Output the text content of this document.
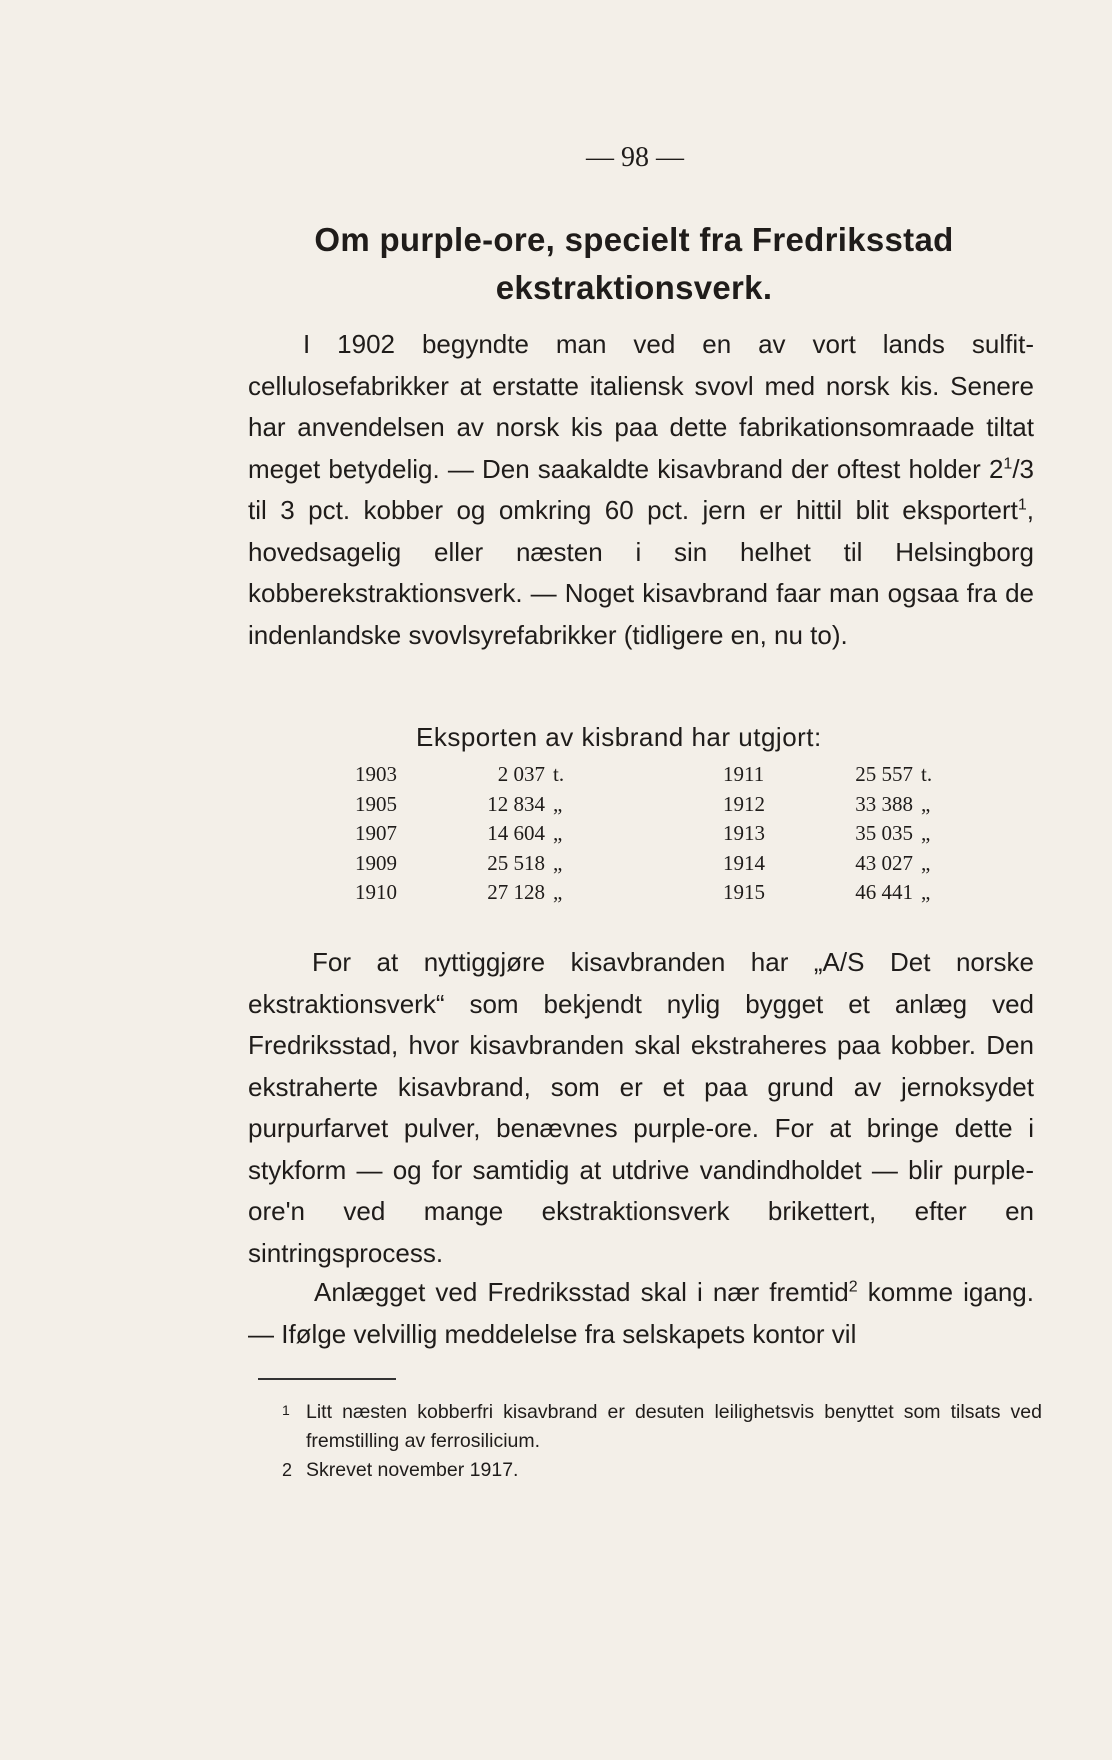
— 98 —
Om purple-ore, specielt fra Fredriksstad ekstraktionsverk.
I 1902 begyndte man ved en av vort lands sulfit-cellulosefabrikker at erstatte italiensk svovl med norsk kis. Senere har anvendelsen av norsk kis paa dette fabrikationsomraade tiltat meget betydelig. — Den saakaldte kisavbrand der oftest holder $2^1/3$ til 3 pct. kobber og omkring 60 pct. jern er hittil blit eksportert$^1$, hovedsagelig eller næsten i sin helhet til Helsingborg kobberekstraktionsverk. — Noget kisavbrand faar man ogsaa fra de indenlandske svovlsyrefabrikker (tidligere en, nu to).
Eksporten av kisbrand har utgjort:
1903	2 037	t.	1911	25 557	t.
1905	12 834	„	1912	33 388	„
1907	14 604	„	1913	35 035	„
1909	25 518	„	1914	43 027	„
1910	27 128	„	1915	46 441	„
For at nyttiggjøre kisavbranden har „A/S Det norske ekstraktionsverk“ som bekjendt nylig bygget et anlæg ved Fredriksstad, hvor kisavbranden skal ekstraheres paa kobber. Den ekstraherte kisavbrand, som er et paa grund av jernoksydet purpurfarvet pulver, benævnes purple-ore. For at bringe dette i stykform — og for samtidig at utdrive vandindholdet — blir purple-ore'n ved mange ekstraktionsverk brikettert, efter en sintringsprocess.
Anlægget ved Fredriksstad skal i nær fremtid$^2$ komme igang. — Ifølge velvillig meddelelse fra selskapets kontor vil
1 Litt næsten kobberfri kisavbrand er desuten leilighetsvis benyttet som tilsats ved fremstilling av ferrosilicium.
2 Skrevet november 1917.
